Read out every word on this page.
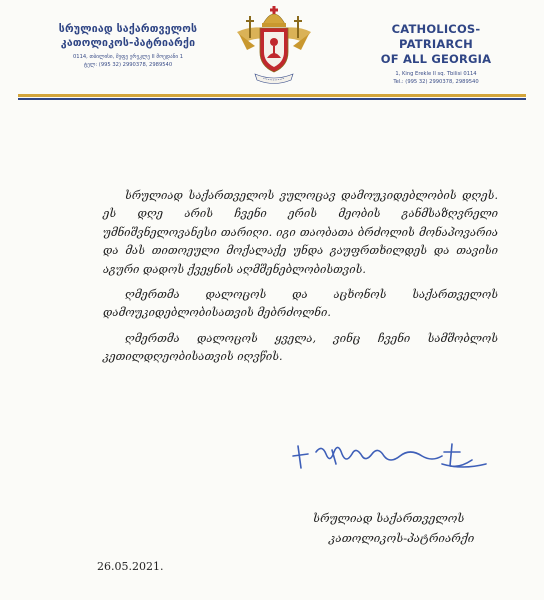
სრულიად საქართველოს
კათოლიკოს-პატრიარქი
0114, თბილისი, მეფე ერეკლე II მოედანი 1
ტელ: (995 32) 2990378, 2989540
CATHOLICOS-PATRIARCH
OF ALL GEORGIA
1, King Erekle II sq. Tbilisi 0114
Tel.: (995 32) 2990378, 2989540

სრულიად საქართველოს ვულოცავ დამოუკიდებლობის დღეს. ეს დღე არის ჩვენი ერის მეობის განმსაზღვრელი უმნიშვნელოვანესი თარიღი. იგი თაობათა ბრძოლის მონაპოვარია და მას თითოეული მოქალაქე უნდა გაუფრთხილდეს და თავისი აგური დადოს ქვეყნის აღმშენებლობისთვის.

ღმერთმა დალოცოს და აცხონოს საქართველოს დამოუკიდებლობისათვის მებრძოლნი.

ღმერთმა დალოცოს ყველა, ვინც ჩვენი სამშობლოს კეთილდღეობისათვის იღვწის.

სრულიად საქართველოს
კათოლიკოს-პატრიარქი
26.05.2021.
